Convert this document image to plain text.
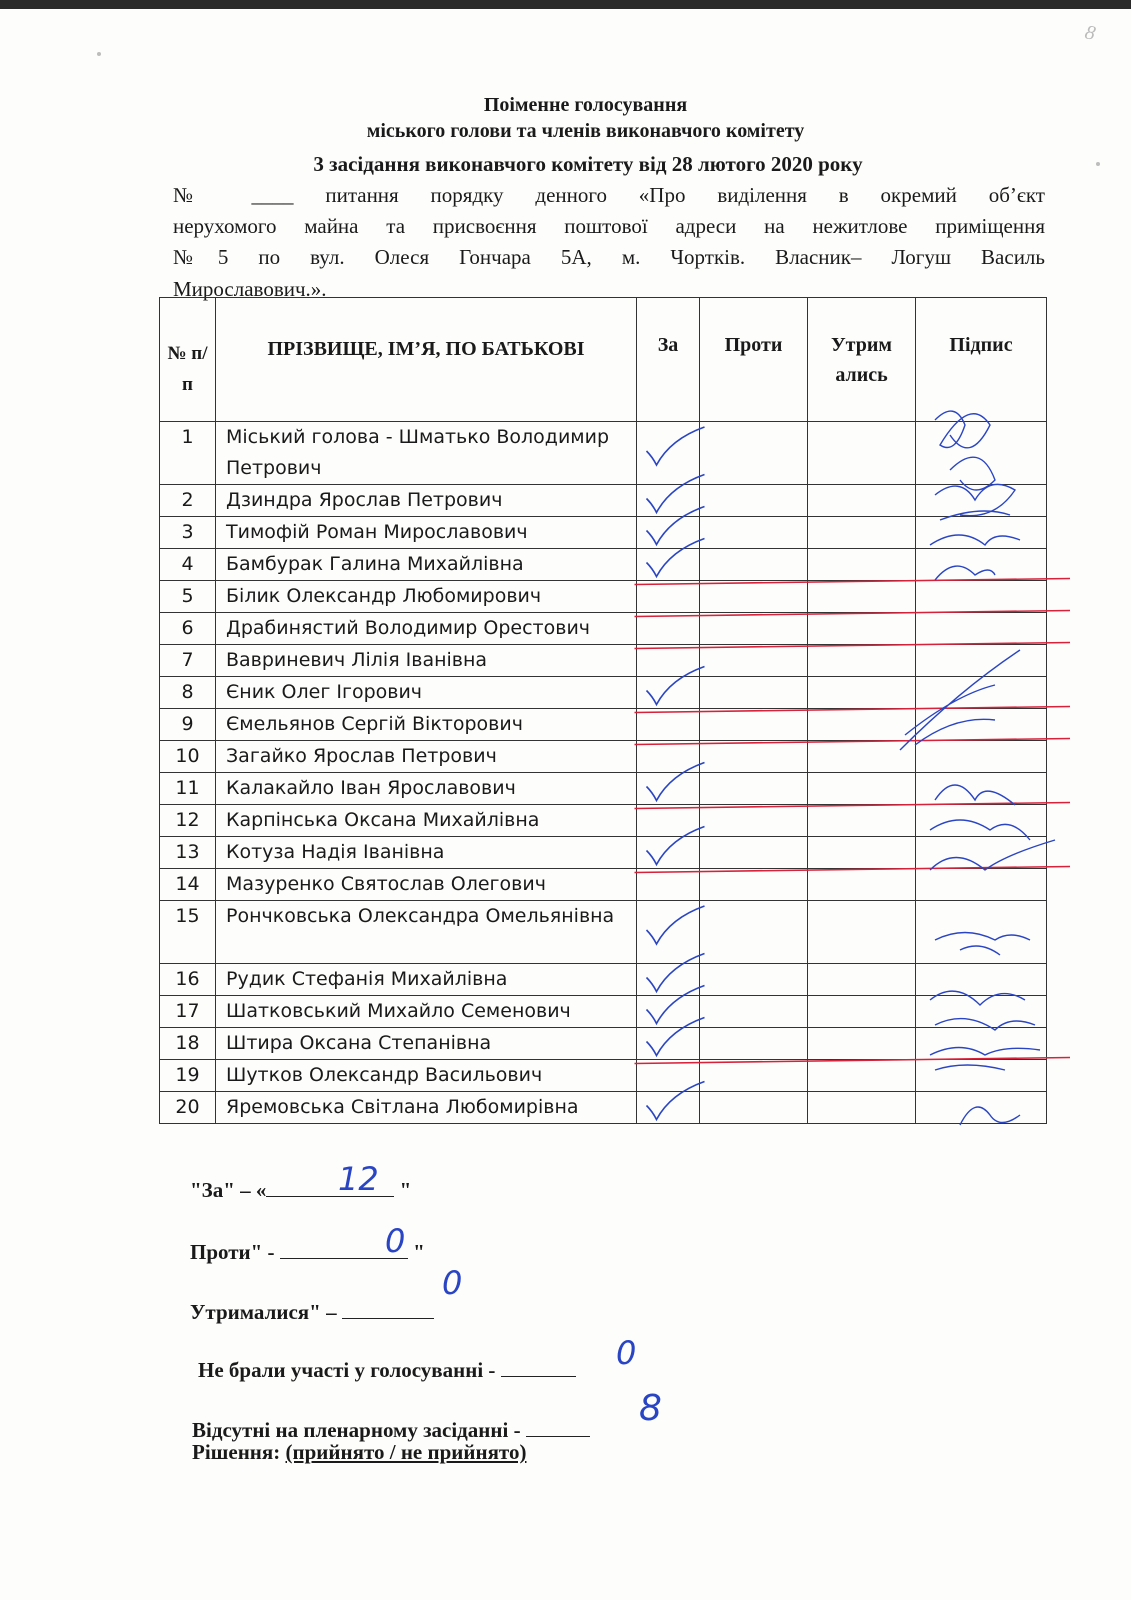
8
Поіменне голосування
міського голови та членів виконавчого комітету
3 засідання виконавчого комітету від 28 лютого 2020 року
№ ____ питання порядку денного «Про виділення в окремий об’єкт
нерухомого майна та присвоєння поштової адреси на нежитлове приміщення
№5 по вул. Олеся Гончара 5А, м. Чортків. Власник– Логуш Василь
Мирославович.».
№ п/ п	ПРІЗВИЩЕ, ІМ’Я, ПО БАТЬКОВІ	За	Проти	Утрим ались	Підпис
1	Міський голова - Шматько Володимир Петрович				
2	Дзиндра Ярослав Петрович				
3	Тимофій Роман Мирославович				
4	Бамбурак Галина Михайлівна				
5	Білик Олександр Любомирович				
6	Драбинястий Володимир Орестович				
7	Вавриневич Лілія Іванівна				
8	Єник Олег Ігорович				
9	Ємельянов Сергій Вікторович				
10	Загайко Ярослав Петрович				
11	Калакайло Іван Ярославович				
12	Карпінська Оксана Михайлівна				
13	Котуза Надія Іванівна				
14	Мазуренко Святослав Олегович				
15	Рончковська Олександра Омельянівна				
16	Рудик Стефанія Михайлівна				
17	Шатковський Михайло Семенович				
18	Штира Оксана Степанівна				
19	Шутков Олександр Васильович				
20	Яремовська Світлана Любомирівна				
"За" – «	"
12
Проти" -	"
0
Утрималися" –
0
Не брали участі у голосуванні -	0
Відсутні на пленарному засіданні -
8
Рішення: (прийнято / не прийнято)
